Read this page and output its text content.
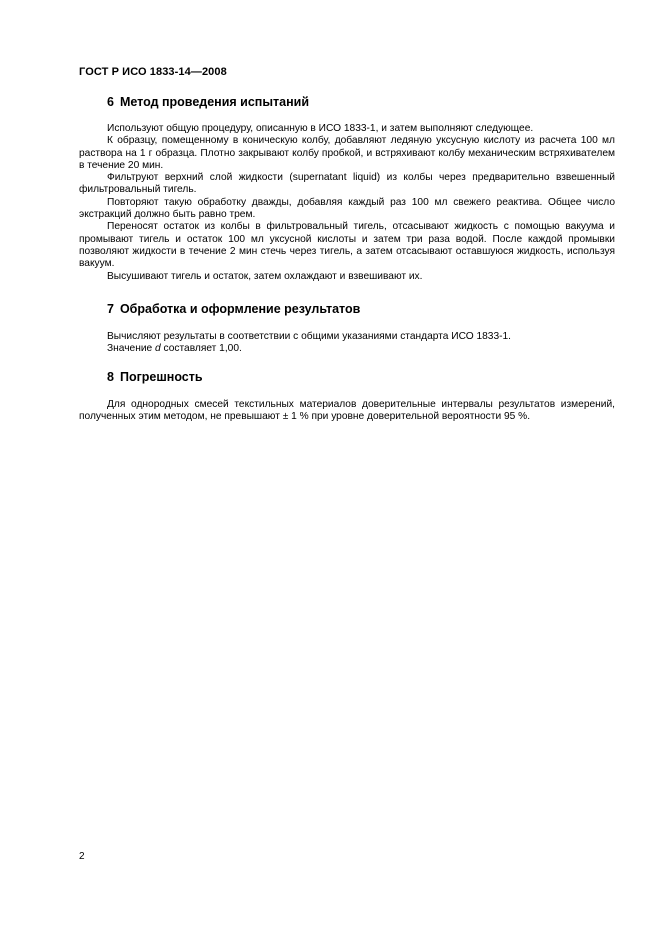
ГОСТ Р ИСО 1833-14—2008
6 Метод проведения испытаний

Используют общую процедуру, описанную в ИСО 1833-1, и затем выполняют следующее.

К образцу, помещенному в коническую колбу, добавляют ледяную уксусную кислоту из расчета 100 мл раствора на 1 г образца. Плотно закрывают колбу пробкой, и встряхивают колбу механическим встряхивателем в течение 20 мин.

Фильтруют верхний слой жидкости (supernatant liquid) из колбы через предварительно взвешенный фильтровальный тигель.

Повторяют такую обработку дважды, добавляя каждый раз 100 мл свежего реактива. Общее число экстракций должно быть равно трем.

Переносят остаток из колбы в фильтровальный тигель, отсасывают жидкость с помощью вакуума и промывают тигель и остаток 100 мл уксусной кислоты и затем три раза водой. После каждой промывки позволяют жидкости в течение 2 мин стечь через тигель, а затем отсасывают оставшуюся жидкость, используя вакуум.

Высушивают тигель и остаток, затем охлаждают и взвешивают их.

7 Обработка и оформление результатов

Вычисляют результаты в соответствии с общими указаниями стандарта ИСО 1833-1.

Значение d составляет 1,00.

8 Погрешность

Для однородных смесей текстильных материалов доверительные интервалы результатов измерений, полученных этим методом, не превышают ± 1 % при уровне доверительной вероятности 95 %.

2
